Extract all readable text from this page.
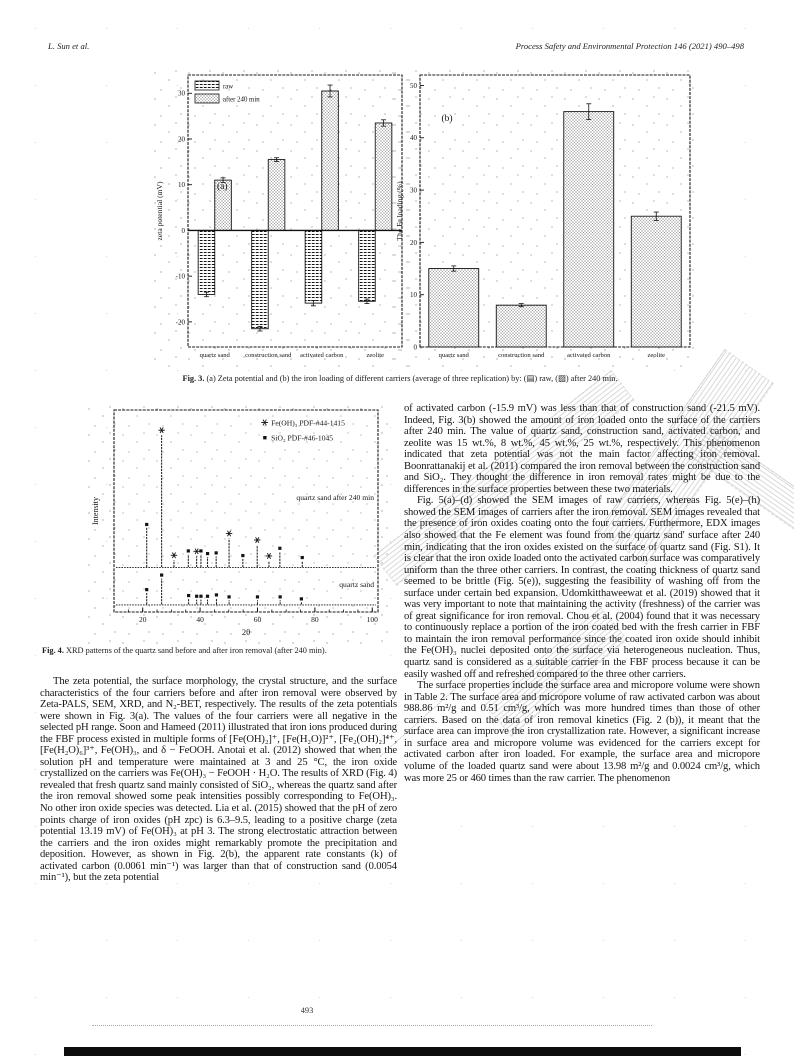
L. Sun et al.	Process Safety and Environmental Protection 146 (2021) 490–498
-20
-10
0
10
20
30
quartz sand construction sand activated carbon	zeolite
zeta potential (mV)	(a)
raw
after 240 min
0
10
20
30
40
50
quartz sand	construction sand	activated carbon	zeolite
The Fe loading (%)
(b)
Fig. 3. (a) Zeta potential and (b) the iron loading of different carriers (average of three replication) by: (▤) raw, (▨) after 240 min.
20	40	60	80	100
2θ
Intensity	quartz sand after 240 min
quartz sand
Fe(OH)₃ PDF-#44-1415
SiO₂ PDF-#46-1045
Fig. 4. XRD patterns of the quartz sand before and after iron removal (after 240 min).

The zeta potential, the surface morphology, the crystal structure, and the surface characteristics of the four carriers before and after iron removal were observed by Zeta-PALS, SEM, XRD, and N₂-BET, respectively. The results of the zeta potentials were shown in Fig. 3(a). The values of the four carriers were all negative in the selected pH range. Soon and Hameed (2011) illustrated that iron ions produced during the FBF process existed in multiple forms of [Fe(OH)₂]⁺, [Fe(H₂O)]²⁺, [Fe₂(OH)₂]⁴⁺, [Fe(H₂O)₆]³⁺, Fe(OH)₃, and δ − FeOOH. Anotai et al. (2012) showed that when the solution pH and temperature were maintained at 3 and 25 °C, the iron oxide crystallized on the carriers was Fe(OH)₃ − FeOOH · H₂O. The results of XRD (Fig. 4) revealed that fresh quartz sand mainly consisted of SiO₂, whereas the quartz sand after the iron removal showed some peak intensities possibly corresponding to Fe(OH)₃. No other iron oxide species was detected. Lia et al. (2015) showed that the pH of zero points charge of iron oxides (pH zpc) is 6.3–9.5, leading to a positive charge (zeta potential 13.19 mV) of Fe(OH)₃ at pH 3. The strong electrostatic attraction between the carriers and the iron oxides might remarkably promote the precipitation and deposition. However, as shown in Fig. 2(b), the apparent rate constants (k) of activated carbon (0.0061 min⁻¹) was larger than that of construction sand (0.0054 min⁻¹), but the zeta potential

of activated carbon (-15.9 mV) was less than that of construction sand (-21.5 mV). Indeed, Fig. 3(b) showed the amount of iron loaded onto the surface of the carriers after 240 min. The value of quartz sand, construction sand, activated carbon, and zeolite was 15 wt.%, 8 wt.%, 45 wt.%, 25 wt.%, respectively. This phenomenon indicated that zeta potential was not the main factor affecting iron removal. Boonrattanakij et al. (2011) compared the iron removal between the construction sand and SiO₂. They thought the difference in iron removal rates might be due to the differences in the surface properties between these two materials.

Fig. 5(a)–(d) showed the SEM images of raw carriers, whereas Fig. 5(e)–(h) showed the SEM images of carriers after the iron removal. SEM images revealed that the presence of iron oxides coating onto the four carriers. Furthermore, EDX images also showed that the Fe element was found from the quartz sand' surface after 240 min, indicating that the iron oxides existed on the surface of quartz sand (Fig. S1). It is clear that the iron oxide loaded onto the activated carbon surface was comparatively uniform than the three other carriers. In contrast, the coating thickness of quartz sand seemed to be brittle (Fig. 5(e)), suggesting the feasibility of washing off from the surface under certain bed expansion. Udomkitthaweewat et al. (2019) showed that it was very important to note that maintaining the activity (freshness) of the carrier was of great significance for iron removal. Chou et al. (2004) found that it was necessary to continuously replace a portion of the iron coated bed with the fresh carrier in FBF to maintain the iron removal performance since the coated iron oxide should inhibit the Fe(OH)₃ nuclei deposited onto the surface via heterogeneous nucleation. Thus, quartz sand is considered as a suitable carrier in the FBF process because it can be easily washed off and refreshed compared to the three other carriers.

The surface properties include the surface area and micropore volume were shown in Table 2. The surface area and micropore volume of raw activated carbon was about 988.86 m²/g and 0.51 cm³/g, which was more hundred times than those of other carriers. Based on the data of iron removal kinetics (Fig. 2 (b)), it meant that the surface area can improve the iron crystallization rate. However, a significant increase in surface area and micropore volume was evidenced for the carriers except for activated carbon after iron loaded. For example, the surface area and micropore volume of the loaded quartz sand were about 13.98 m²/g and 0.0024 cm³/g, which was more 25 or 460 times than the raw carrier. The phenomenon

493
